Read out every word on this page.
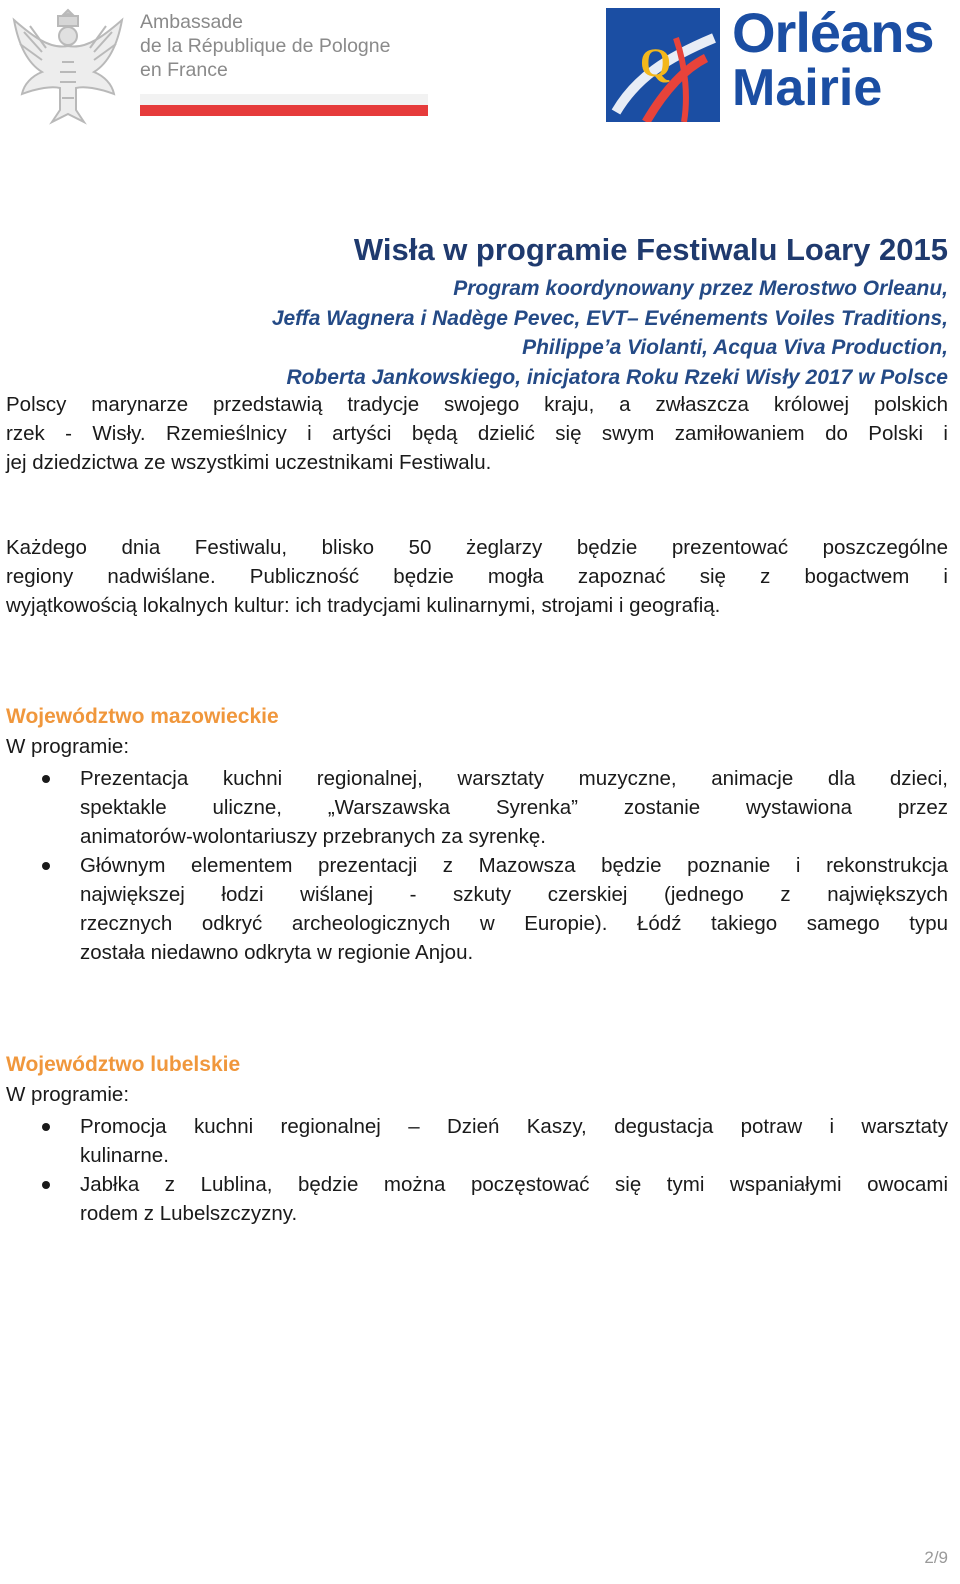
Ambassade
de la République de Pologne
en France	Q Orléans
Mairie
Wisła w programie Festiwalu Loary 2015
Program koordynowany przez Merostwo Orleanu,
Jeffa Wagnera i Nadège Pevec, EVT– Evénements Voiles Traditions,
Philippe’a Violanti, Acqua Viva Production,
Roberta Jankowskiego, inicjatora Roku Rzeki Wisły 2017 w Polsce
Polscy marynarze przedstawią tradycje swojego kraju, a zwłaszcza królowej polskich
rzek - Wisły. Rzemieślnicy i artyści będą dzielić się swym zamiłowaniem do Polski i
jej dziedzictwa ze wszystkimi uczestnikami Festiwalu.
Każdego dnia Festiwalu, blisko 50 żeglarzy będzie prezentować poszczególne
regiony nadwiślane. Publiczność będzie mogła zapoznać się z bogactwem i
wyjątkowością lokalnych kultur: ich tradycjami kulinarnymi, strojami i geografią.
Województwo mazowieckie
W programie:
Prezentacja kuchni regionalnej, warsztaty muzyczne, animacje dla dzieci,
spektakle uliczne, „Warszawska Syrenka” zostanie wystawiona przez
animatorów-wolontariuszy przebranych za syrenkę.
Głównym elementem prezentacji z Mazowsza będzie poznanie i rekonstrukcja
największej łodzi wiślanej - szkuty czerskiej (jednego z największych
rzecznych odkryć archeologicznych w Europie). Łódź takiego samego typu
została niedawno odkryta w regionie Anjou.
Województwo lubelskie
W programie:
Promocja kuchni regionalnej – Dzień Kaszy, degustacja potraw i warsztaty
kulinarne.
Jabłka z Lublina, będzie można poczęstować się tymi wspaniałymi owocami
rodem z Lubelszczyzny.
2/9
